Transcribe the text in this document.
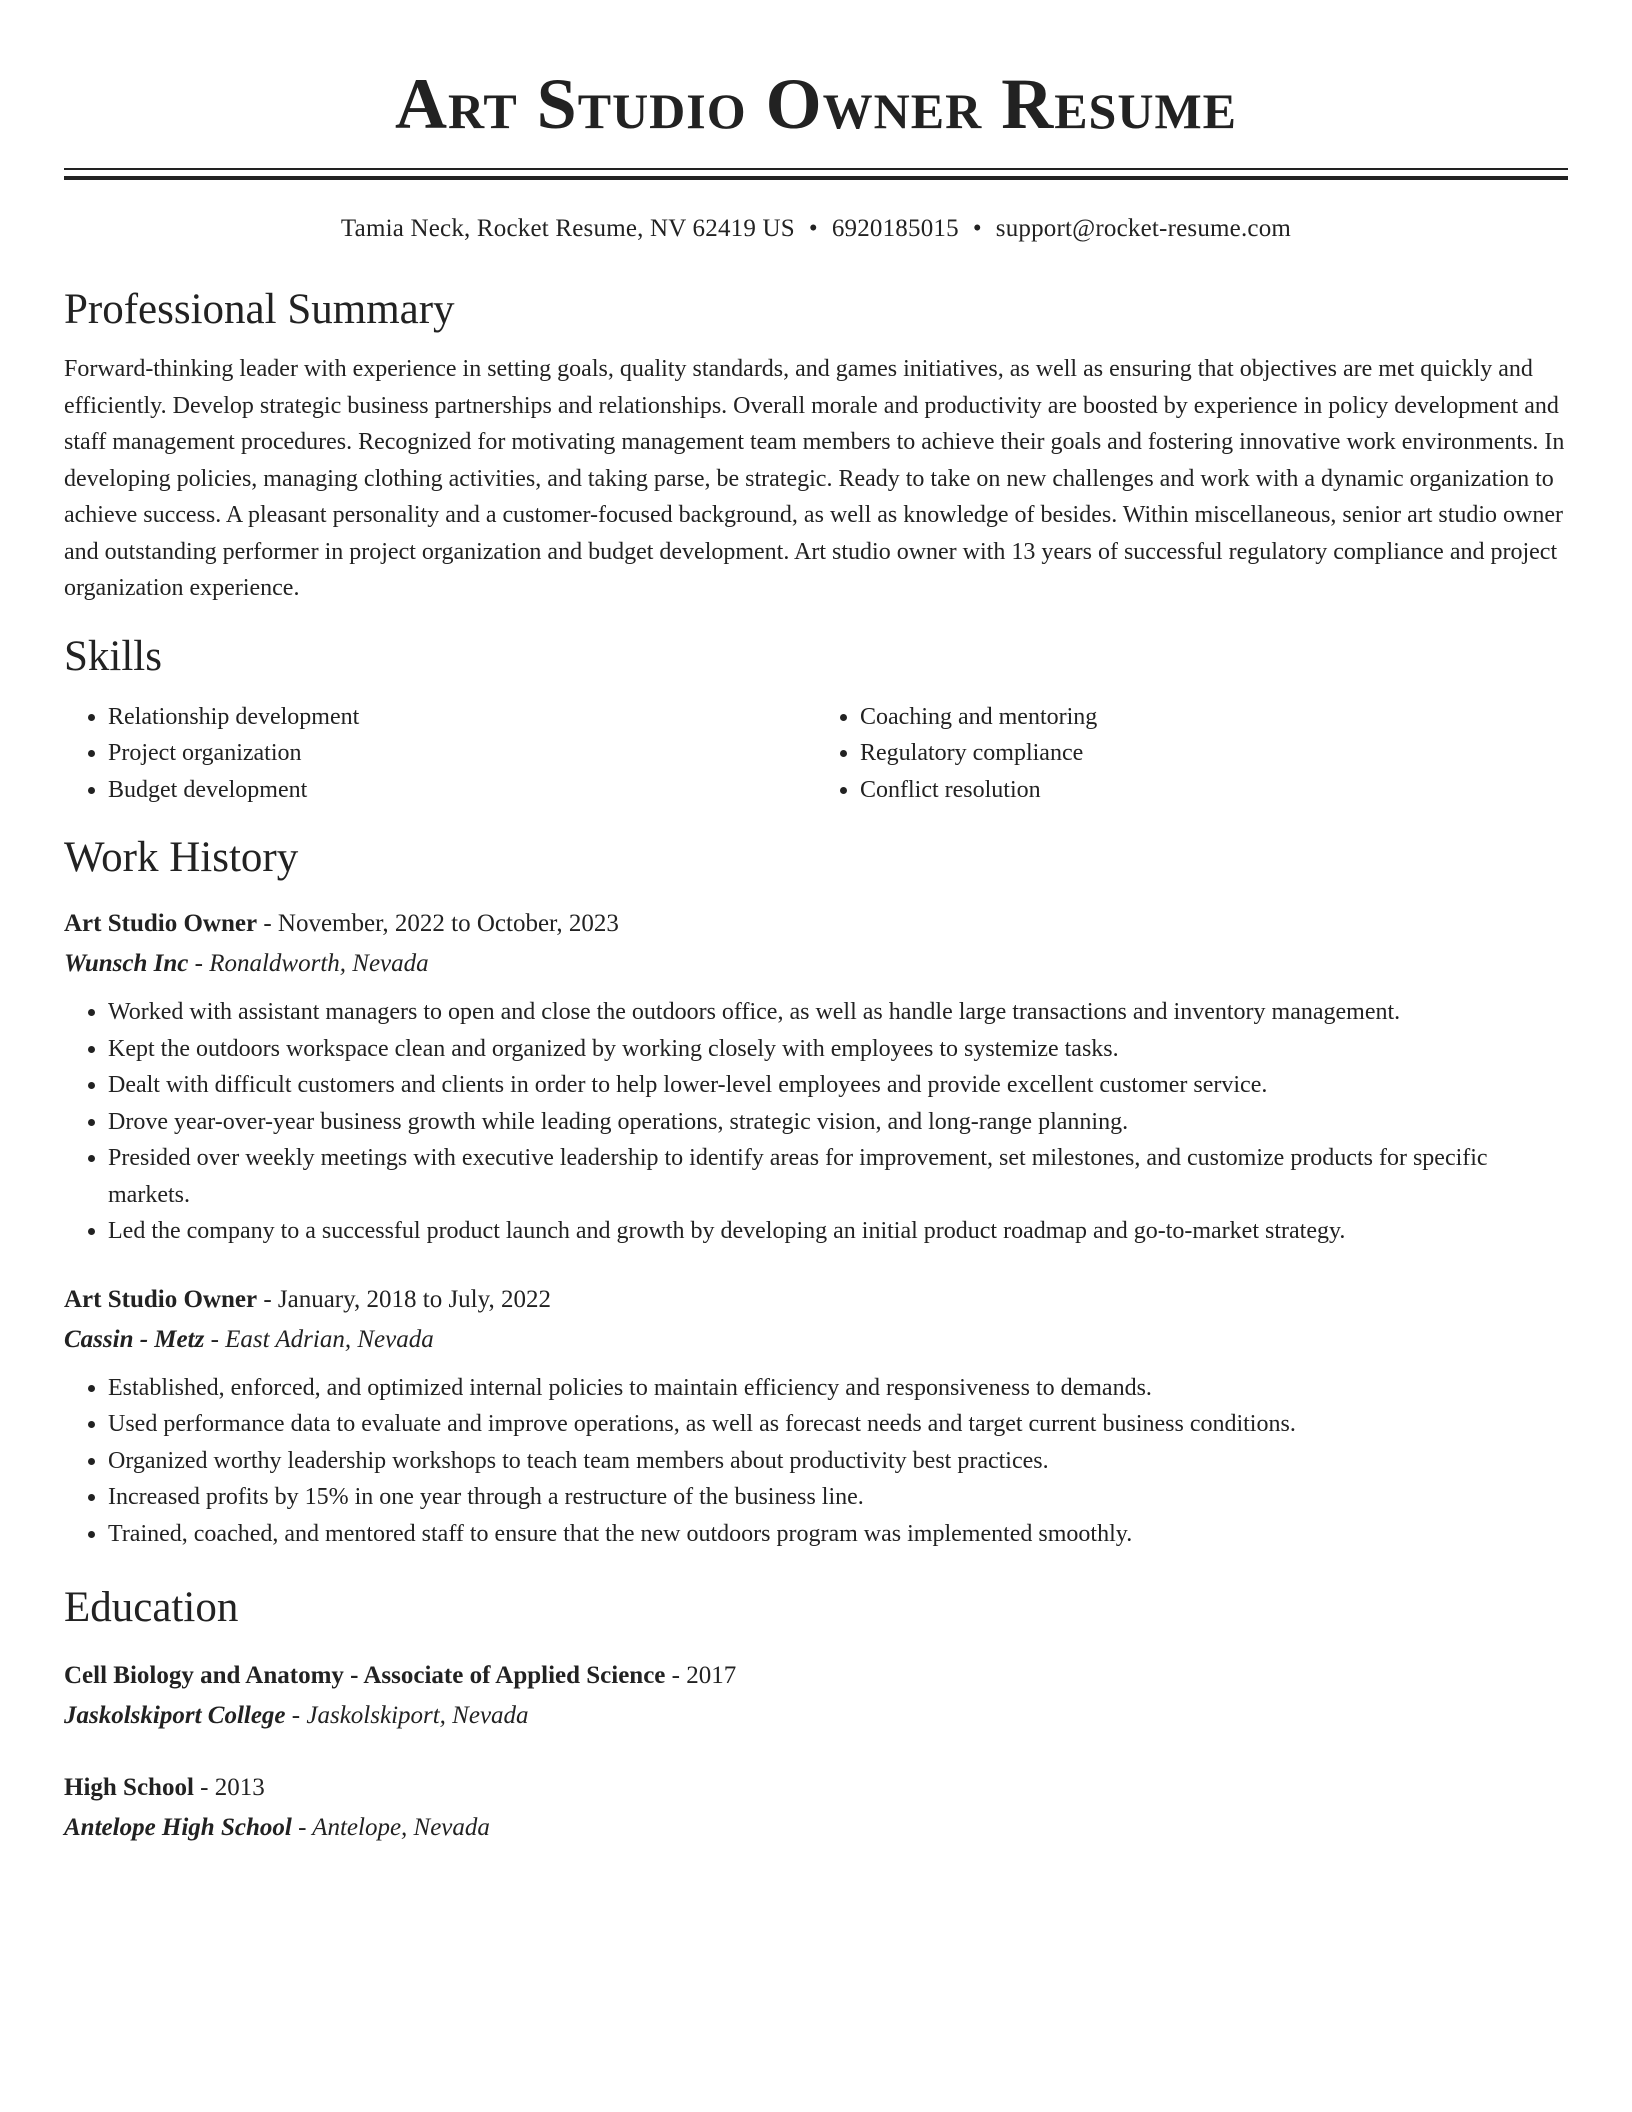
Art Studio Owner Resume
Tamia Neck, Rocket Resume, NV 62419 US • 6920185015 • support@rocket-resume.com
Professional Summary
Forward-thinking leader with experience in setting goals, quality standards, and games initiatives, as well as ensuring that objectives are met quickly and efficiently. Develop strategic business partnerships and relationships. Overall morale and productivity are boosted by experience in policy development and staff management procedures. Recognized for motivating management team members to achieve their goals and fostering innovative work environments. In developing policies, managing clothing activities, and taking parse, be strategic. Ready to take on new challenges and work with a dynamic organization to achieve success. A pleasant personality and a customer-focused background, as well as knowledge of besides. Within miscellaneous, senior art studio owner and outstanding performer in project organization and budget development. Art studio owner with 13 years of successful regulatory compliance and project organization experience.
Skills
• Relationship development
• Project organization
• Budget development
• Coaching and mentoring
• Regulatory compliance
• Conflict resolution
Work History
Art Studio Owner - November, 2022 to October, 2023
Wunsch Inc - Ronaldworth, Nevada
• Worked with assistant managers to open and close the outdoors office, as well as handle large transactions and inventory management.
• Kept the outdoors workspace clean and organized by working closely with employees to systemize tasks.
• Dealt with difficult customers and clients in order to help lower-level employees and provide excellent customer service.
• Drove year-over-year business growth while leading operations, strategic vision, and long-range planning.
• Presided over weekly meetings with executive leadership to identify areas for improvement, set milestones, and customize products for specific markets.
• Led the company to a successful product launch and growth by developing an initial product roadmap and go-to-market strategy.
Art Studio Owner - January, 2018 to July, 2022
Cassin - Metz - East Adrian, Nevada
• Established, enforced, and optimized internal policies to maintain efficiency and responsiveness to demands.
• Used performance data to evaluate and improve operations, as well as forecast needs and target current business conditions.
• Organized worthy leadership workshops to teach team members about productivity best practices.
• Increased profits by 15% in one year through a restructure of the business line.
• Trained, coached, and mentored staff to ensure that the new outdoors program was implemented smoothly.
Education
Cell Biology and Anatomy - Associate of Applied Science - 2017
Jaskolskiport College - Jaskolskiport, Nevada
High School - 2013
Antelope High School - Antelope, Nevada
